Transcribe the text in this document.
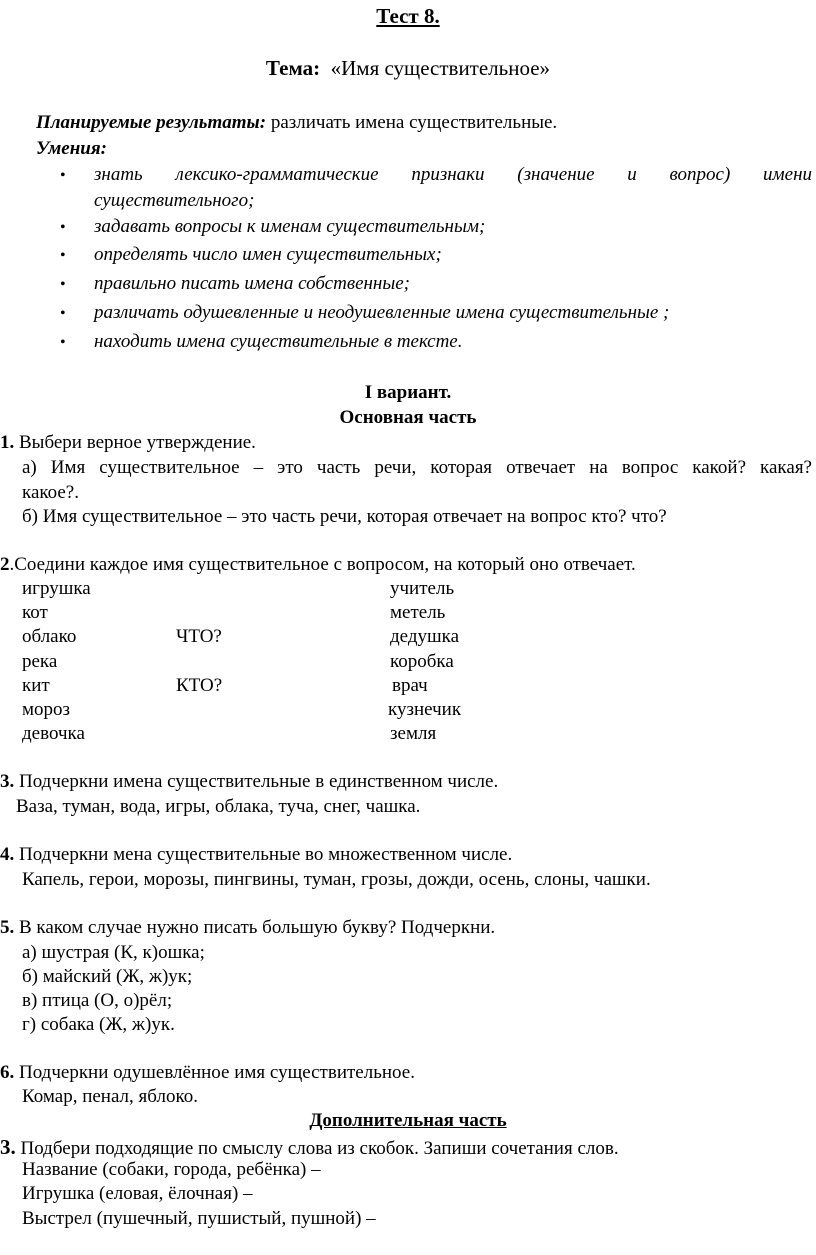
Тест 8.
Тема: «Имя существительное»
Планируемые результаты: различать имена существительные.
Умения:
• знать лексико-грамматические признаки (значение и вопрос) имени
существительного;
• задавать вопросы к именам существительным;
• определять число имен существительных;
• правильно писать имена собственные;
• различать одушевленные и неодушевленные имена существительные ;
• находить имена существительные в тексте.
I вариант.
Основная часть
1. Выбери верное утверждение.
а) Имя существительное – это часть речи, которая отвечает на вопрос какой? какая?
какое?.
б) Имя существительное – это часть речи, которая отвечает на вопрос кто? что?
2.Соедини каждое имя существительное с вопросом, на который оно отвечает.
игрушка
кот
облако
река
кит
мороз
девочка
ЧТО?
КТО?
учитель
метель
дедушка
коробка
врач
кузнечик
земля
3. Подчеркни имена существительные в единственном числе.
Ваза, туман, вода, игры, облака, туча, снег, чашка.
4. Подчеркни мена существительные во множественном числе.
Капель, герои, морозы, пингвины, туман, грозы, дожди, осень, слоны, чашки.
5. В каком случае нужно писать большую букву? Подчеркни.
а) шустрая (К, к)ошка;
б) майский (Ж, ж)ук;
в) птица (О, о)рёл;
г) собака (Ж, ж)ук.
6. Подчеркни одушевлённое имя существительное.
Комар, пенал, яблоко.
Дополнительная часть
3. Подбери подходящие по смыслу слова из скобок. Запиши сочетания слов.
Название (собаки, города, ребёнка) –
Игрушка (еловая, ёлочная) –
Выстрел (пушечный, пушистый, пушной) –
